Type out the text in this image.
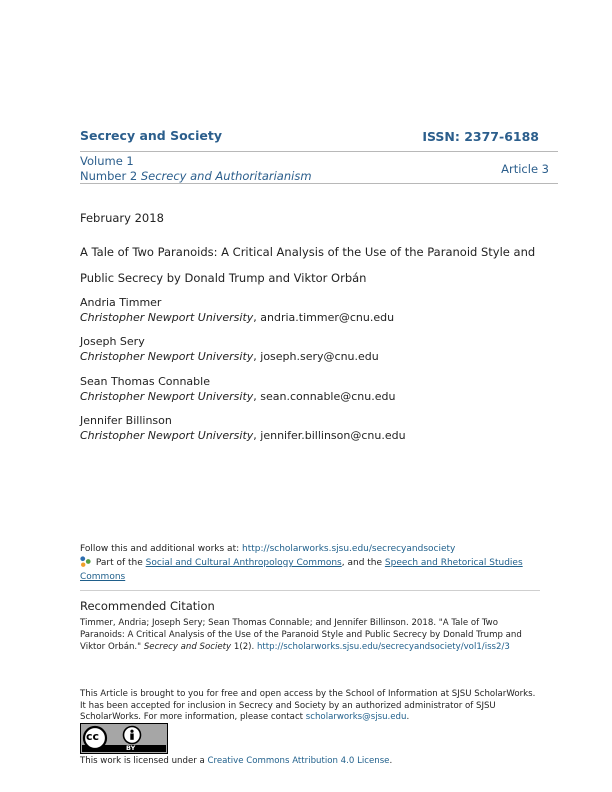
Secrecy and Society	ISSN: 2377-6188
Volume 1
Number 2 Secrecy and Authoritarianism	Article 3
February 2018
A Tale of Two Paranoids: A Critical Analysis of the Use of the Paranoid Style and
Public Secrecy by Donald Trump and Viktor Orbán
Andria Timmer
Christopher Newport University, andria.timmer@cnu.edu
Joseph Sery
Christopher Newport University, joseph.sery@cnu.edu
Sean Thomas Connable
Christopher Newport University, sean.connable@cnu.edu
Jennifer Billinson
Christopher Newport University, jennifer.billinson@cnu.edu
Follow this and additional works at: http://scholarworks.sjsu.edu/secrecyandsociety
Part of the Social and Cultural Anthropology Commons, and the Speech and Rhetorical Studies Commons
Recommended Citation
Timmer, Andria; Joseph Sery; Sean Thomas Connable; and Jennifer Billinson. 2018. "A Tale of Two Paranoids: A Critical Analysis of the Use of the Paranoid Style and Public Secrecy by Donald Trump and Viktor Orbán." Secrecy and Society 1(2). http://scholarworks.sjsu.edu/secrecyandsociety/vol1/iss2/3
This Article is brought to you for free and open access by the School of Information at SJSU ScholarWorks. It has been accepted for inclusion in Secrecy and Society by an authorized administrator of SJSU ScholarWorks. For more information, please contact scholarworks@sjsu.edu.
cc
BY
This work is licensed under a Creative Commons Attribution 4.0 License.
